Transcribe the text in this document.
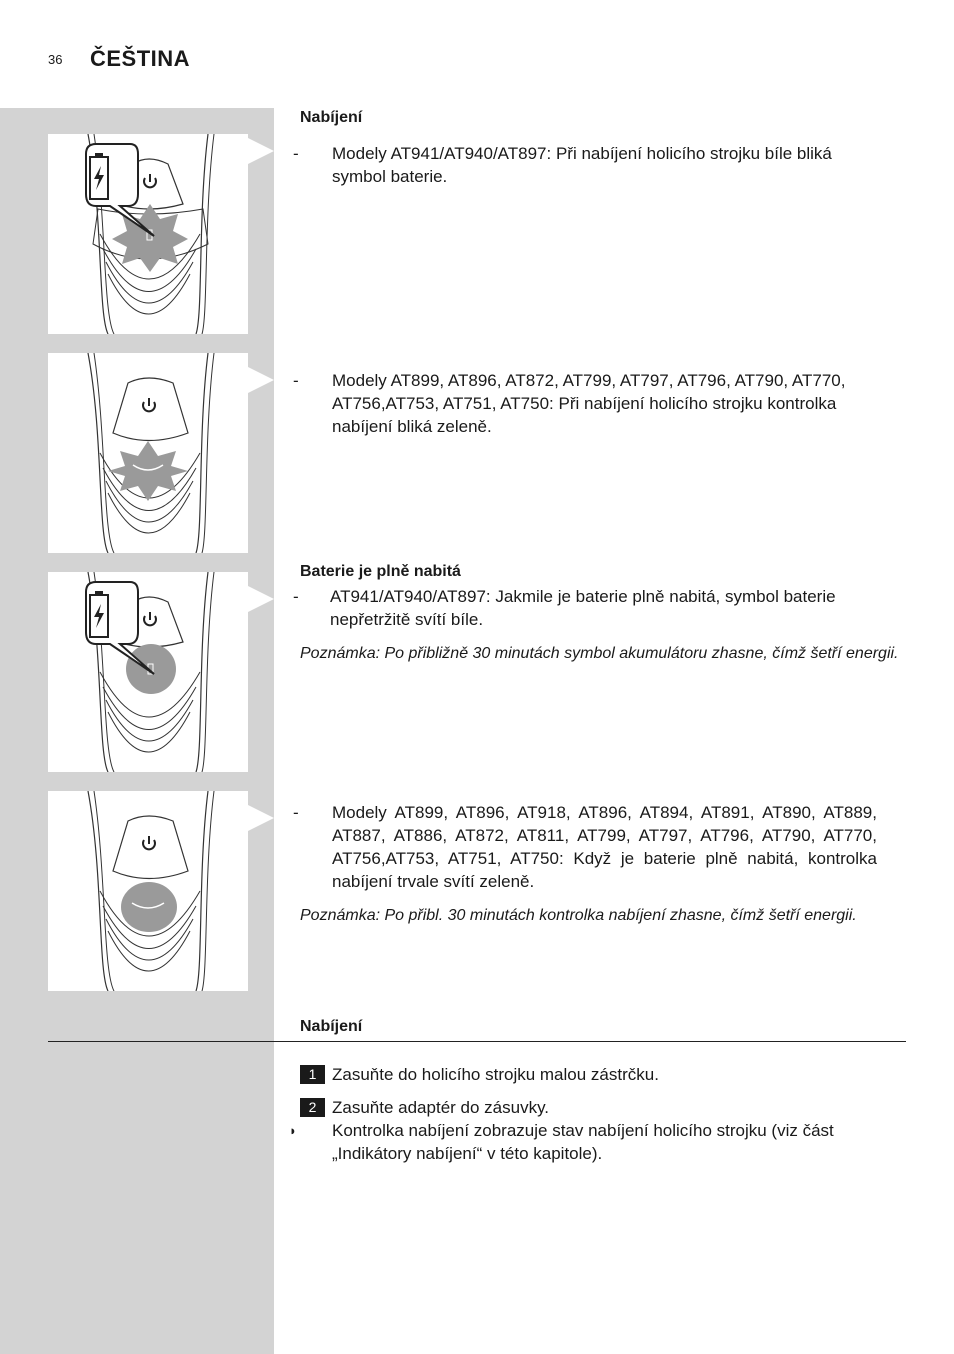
36 ČEŠTINA
Nabíjení
- Modely AT941/AT940/AT897: Při nabíjení holicího strojku bíle bliká symbol baterie.
- Modely AT899, AT896, AT872, AT799, AT797, AT796, AT790, AT770, AT756,AT753, AT751, AT750: Při nabíjení holicího strojku kontrolka nabíjení bliká zeleně.
Baterie je plně nabitá
- AT941/AT940/AT897: Jakmile je baterie plně nabitá, symbol baterie nepřetržitě svítí bíle.
Poznámka: Po přibližně 30 minutách symbol akumulátoru zhasne, čímž šetří energii.
- Modely AT899, AT896, AT918, AT896, AT894, AT891, AT890, AT889, AT887, AT886, AT872, AT811, AT799, AT797, AT796, AT790, AT770, AT756,AT753, AT751, AT750: Když je baterie plně nabitá, kontrolka nabíjení trvale svítí zeleně.
Poznámka: Po přibl. 30 minutách kontrolka nabíjení zhasne, čímž šetří energii.
Nabíjení
1 Zasuňte do holicího strojku malou zástrčku.
2 Zasuňte adaptér do zásuvky.
◗ Kontrolka nabíjení zobrazuje stav nabíjení holicího strojku (viz část „Indikátory nabíjení“ v této kapitole).
